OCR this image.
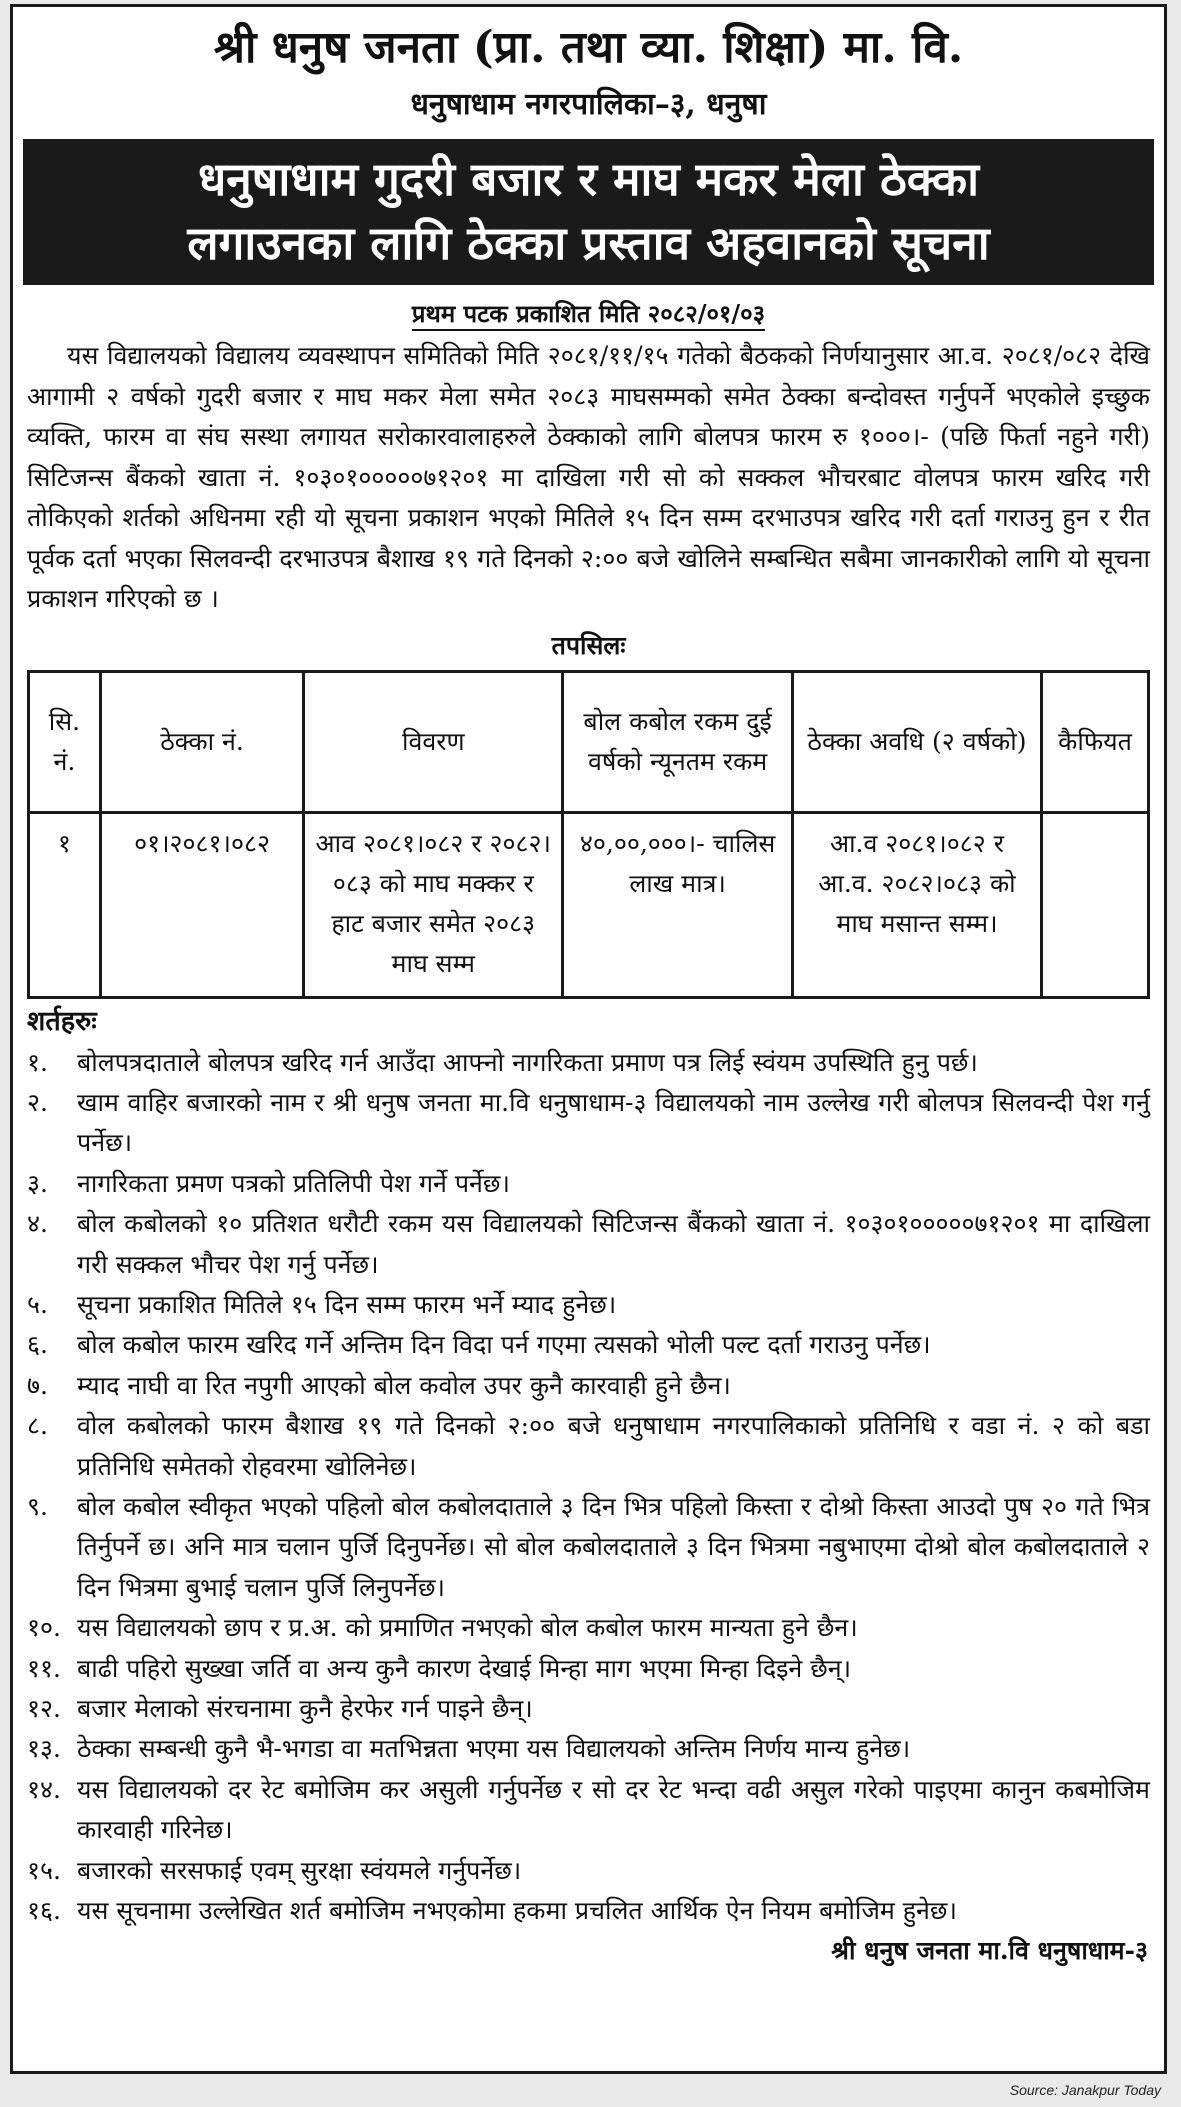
श्री धनुष जनता (प्रा. तथा व्या. शिक्षा) मा. वि.
धनुषाधाम नगरपालिका–३, धनुषा
धनुषाधाम गुदरी बजार र माघ मकर मेला ठेक्का
लगाउनका लागि ठेक्का प्रस्ताव अहवानको सूचना
प्रथम पटक प्रकाशित मिति २०८२/०१/०३
यस विद्यालयको विद्यालय व्यवस्थापन समितिको मिति २०८१/११/१५ गतेको बैठकको निर्णयानुसार आ.व. २०८१/०८२ देखि आगामी २ वर्षको गुदरी बजार र माघ मकर मेला समेत २०८३ माघसम्मको समेत ठेक्का बन्दोवस्त गर्नुपर्ने भएकोले इच्छुक व्यक्ति, फारम वा संघ सस्था लगायत सरोकारवालाहरुले ठेक्काको लागि बोलपत्र फारम रु १०००।- (पछि फिर्ता नहुने गरी) सिटिजन्स बैंकको खाता नं. १०३०१०००००७१२०१ मा दाखिला गरी सो को सक्कल भौचरबाट वोलपत्र फारम खरिद गरी तोकिएको शर्तको अधिनमा रही यो सूचना प्रकाशन भएको मितिले १५ दिन सम्म दरभाउपत्र खरिद गरी दर्ता गराउनु हुन र रीत पूर्वक दर्ता भएका सिलवन्दी दरभाउपत्र बैशाख १९ गते दिनको २:०० बजे खोलिने सम्बन्धित सबैमा जानकारीको लागि यो सूचना प्रकाशन गरिएको छ ।
तपसिलः
सि. नं.	ठेक्का नं.	विवरण	बोल कबोल रकम दुई वर्षको न्यूनतम रकम	ठेक्का अवधि (२ वर्षको)	कैफियत
१	०१।२०८१।०८२	आव २०८१।०८२ र २०८२।०८३ को माघ मक्कर र हाट बजार समेत २०८३ माघ सम्म	४०,००,०००।- चालिस लाख मात्र।	आ.व २०८१।०८२ र आ.व. २०८२।०८३ को माघ मसान्त सम्म।	
शर्तहरुः
१.	बोलपत्रदाताले बोलपत्र खरिद गर्न आउँदा आफ्नो नागरिकता प्रमाण पत्र लिई स्वंयम उपस्थिति हुनु पर्छ।
२.	खाम वाहिर बजारको नाम र श्री धनुष जनता मा.वि धनुषाधाम-३ विद्यालयको नाम उल्लेख गरी बोलपत्र सिलवन्दी पेश गर्नु पर्नेछ।
३.	नागरिकता प्रमण पत्रको प्रतिलिपी पेश गर्ने पर्नेछ।
४.	बोल कबोलको १० प्रतिशत धरौटी रकम यस विद्यालयको सिटिजन्स बैंकको खाता नं. १०३०१०००००७१२०१ मा दाखिला गरी सक्कल भौचर पेश गर्नु पर्नेछ।
५.	सूचना प्रकाशित मितिले १५ दिन सम्म फारम भर्ने म्याद हुनेछ।
६.	बोल कबोल फारम खरिद गर्ने अन्तिम दिन विदा पर्न गएमा त्यसको भोली पल्ट दर्ता गराउनु पर्नेछ।
७.	म्याद नाघी वा रित नपुगी आएको बोल कवोल उपर कुनै कारवाही हुने छैन।
८.	वोल कबोलको फारम बैशाख १९ गते दिनको २:०० बजे धनुषाधाम नगरपालिकाको प्रतिनिधि र वडा नं. २ को बडा प्रतिनिधि समेतको रोहवरमा खोलिनेछ।
९.	बोल कबोल स्वीकृत भएको पहिलो बोल कबोलदाताले ३ दिन भित्र पहिलो किस्ता र दोश्रो किस्ता आउदो पुष २० गते भित्र तिर्नुपर्ने छ। अनि मात्र चलान पुर्जि दिनुपर्नेछ। सो बोल कबोलदाताले ३ दिन भित्रमा नबुभाएमा दोश्रो बोल कबोलदाताले २ दिन भित्रमा बुभाई चलान पुर्जि लिनुपर्नेछ।
१०. यस विद्यालयको छाप र प्र.अ. को प्रमाणित नभएको बोल कबोल फारम मान्यता हुने छैन।
११. बाढी पहिरो सुख्खा जर्ति वा अन्य कुनै कारण देखाई मिन्हा माग भएमा मिन्हा दिइने छैन्।
१२. बजार मेलाको संरचनामा कुनै हेरफेर गर्न पाइने छैन्।
१३. ठेक्का सम्बन्धी कुनै भै-भगडा वा मतभिन्नता भएमा यस विद्यालयको अन्तिम निर्णय मान्य हुनेछ।
१४. यस विद्यालयको दर रेट बमोजिम कर असुली गर्नुपर्नेछ र सो दर रेट भन्दा वढी असुल गरेको पाइएमा कानुन कबमोजिम कारवाही गरिनेछ।
१५. बजारको सरसफाई एवम् सुरक्षा स्वंयमले गर्नुपर्नेछ।
१६. यस सूचनामा उल्लेखित शर्त बमोजिम नभएकोमा हकमा प्रचलित आर्थिक ऐन नियम बमोजिम हुनेछ।
श्री धनुष जनता मा.वि धनुषाधाम-३
Source: Janakpur Today
